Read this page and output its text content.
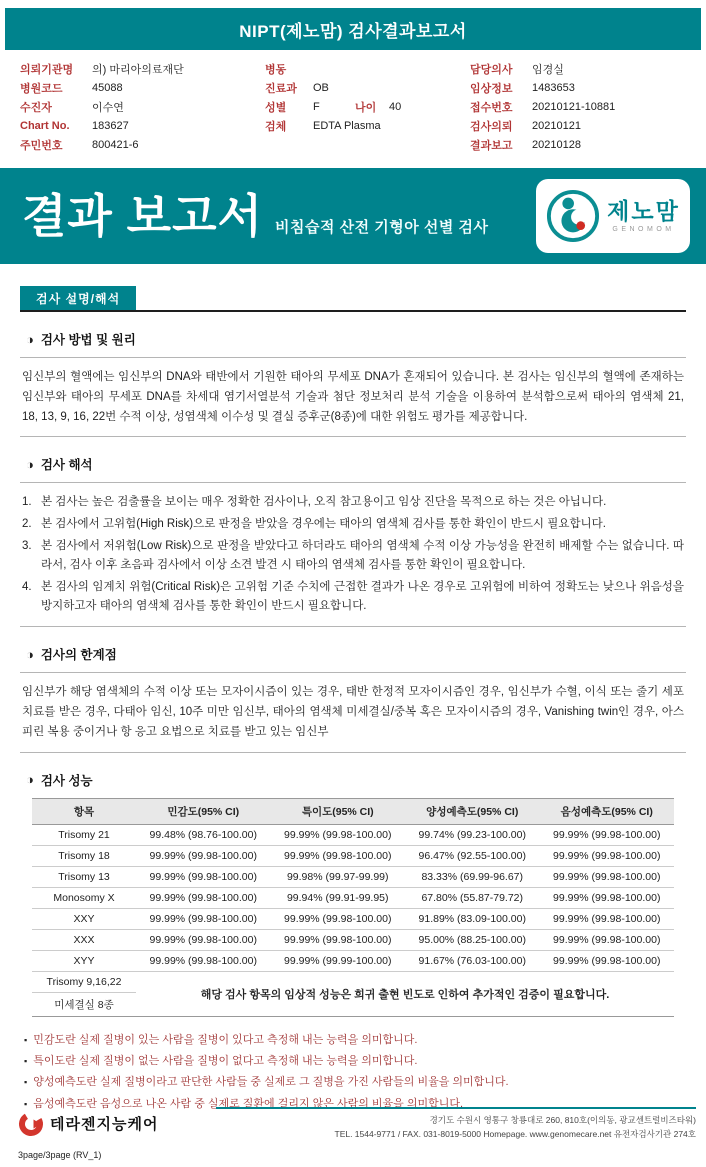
NIPT(제노맘) 검사결과보고서
의뢰기관명	의) 마리아의료재단
병원코드	45088
수진자	이수연
Chart No.	183627
주민번호	800421-6
병동
진료과	OB
성별	F	나이	40
검체	EDTA Plasma
담당의사	임경실
임상정보	1483653
접수번호	20210121-10881
검사의뢰	20210121
결과보고	20210128
결과 보고서 비침습적 산전 기형아 선별 검사
제노맘
GENOMOM
검사 설명/해석
◑ 검사 방법 및 원리
임신부의 혈액에는 임신부의 DNA와 태반에서 기원한 태아의 무세포 DNA가 혼재되어 있습니다. 본 검사는 임신부의 혈액에 존재하는 임신부와 태아의 무세포 DNA를 차세대 염기서열분석 기술과 첨단 정보처리 분석 기술을 이용하여 분석함으로써 태아의 염색체 21, 18, 13, 9, 16, 22번 수적 이상, 성염색체 이수성 및 결실 증후군(8종)에 대한 위험도 평가를 제공합니다.
◑ 검사 해석
1. 본 검사는 높은 검출률을 보이는 매우 정확한 검사이나, 오직 참고용이고 임상 진단을 목적으로 하는 것은 아닙니다.
2. 본 검사에서 고위험(High Risk)으로 판정을 받았을 경우에는 태아의 염색체 검사를 통한 확인이 반드시 필요합니다.
3. 본 검사에서 저위험(Low Risk)으로 판정을 받았다고 하더라도 태아의 염색체 수적 이상 가능성을 완전히 배제할 수는 없습니다. 따라서, 검사 이후 초음파 검사에서 이상 소견 발견 시 태아의 염색체 검사를 통한 확인이 필요합니다.
4. 본 검사의 임계치 위험(Critical Risk)은 고위험 기준 수치에 근접한 결과가 나온 경우로 고위험에 비하여 정확도는 낮으나 위음성을 방지하고자 태아의 염색체 검사를 통한 확인이 반드시 필요합니다.
◑ 검사의 한계점
임신부가 해당 염색체의 수적 이상 또는 모자이시즘이 있는 경우, 태반 한정적 모자이시즘인 경우, 임신부가 수혈, 이식 또는 줄기 세포 치료를 받은 경우, 다태아 임신, 10주 미만 임신부, 태아의 염색체 미세결실/중복 혹은 모자이시즘의 경우, Vanishing twin인 경우, 아스피린 복용 중이거나 항 응고 요법으로 치료를 받고 있는 임신부
◑ 검사 성능
항목	민감도(95% CI)	특이도(95% CI)	양성예측도(95% CI)	음성예측도(95% CI)
Trisomy 21	99.48% (98.76-100.00)	99.99% (99.98-100.00)	99.74% (99.23-100.00)	99.99% (99.98-100.00)
Trisomy 18	99.99% (99.98-100.00)	99.99% (99.98-100.00)	96.47% (92.55-100.00)	99.99% (99.98-100.00)
Trisomy 13	99.99% (99.98-100.00)	99.98% (99.97-99.99)	83.33% (69.99-96.67)	99.99% (99.98-100.00)
Monosomy X	99.99% (99.98-100.00)	99.94% (99.91-99.95)	67.80% (55.87-79.72)	99.99% (99.98-100.00)
XXY	99.99% (99.98-100.00)	99.99% (99.98-100.00)	91.89% (83.09-100.00)	99.99% (99.98-100.00)
XXX	99.99% (99.98-100.00)	99.99% (99.98-100.00)	95.00% (88.25-100.00)	99.99% (99.98-100.00)
XYY	99.99% (99.98-100.00)	99.99% (99.99-100.00)	91.67% (76.03-100.00)	99.99% (99.98-100.00)
Trisomy 9,16,22	해당 검사 항목의 임상적 성능은 희귀 출현 빈도로 인하여 추가적인 검증이 필요합니다.			
미세결실 8종				
▪ 민감도란 실제 질병이 있는 사람을 질병이 있다고 측정해 내는 능력을 의미합니다.
▪ 특이도란 실제 질병이 없는 사람을 질병이 없다고 측정해 내는 능력을 의미합니다.
▪ 양성예측도란 실제 질병이라고 판단한 사람들 중 실제로 그 질병을 가진 사람들의 비율을 의미합니다.
▪ 음성예측도란 음성으로 나온 사람 중 실제로 질환에 걸리지 않은 사람의 비율을 의미합니다.
테라젠지능케어	경기도 수원시 영통구 창룡대로 260, 810호(이의동, 광교센트럴비즈타워)
TEL. 1544-9771 / FAX. 031-8019-5000 Homepage. www.genomecare.net 유전자검사기관 274호
3page/3page (RV_1)
